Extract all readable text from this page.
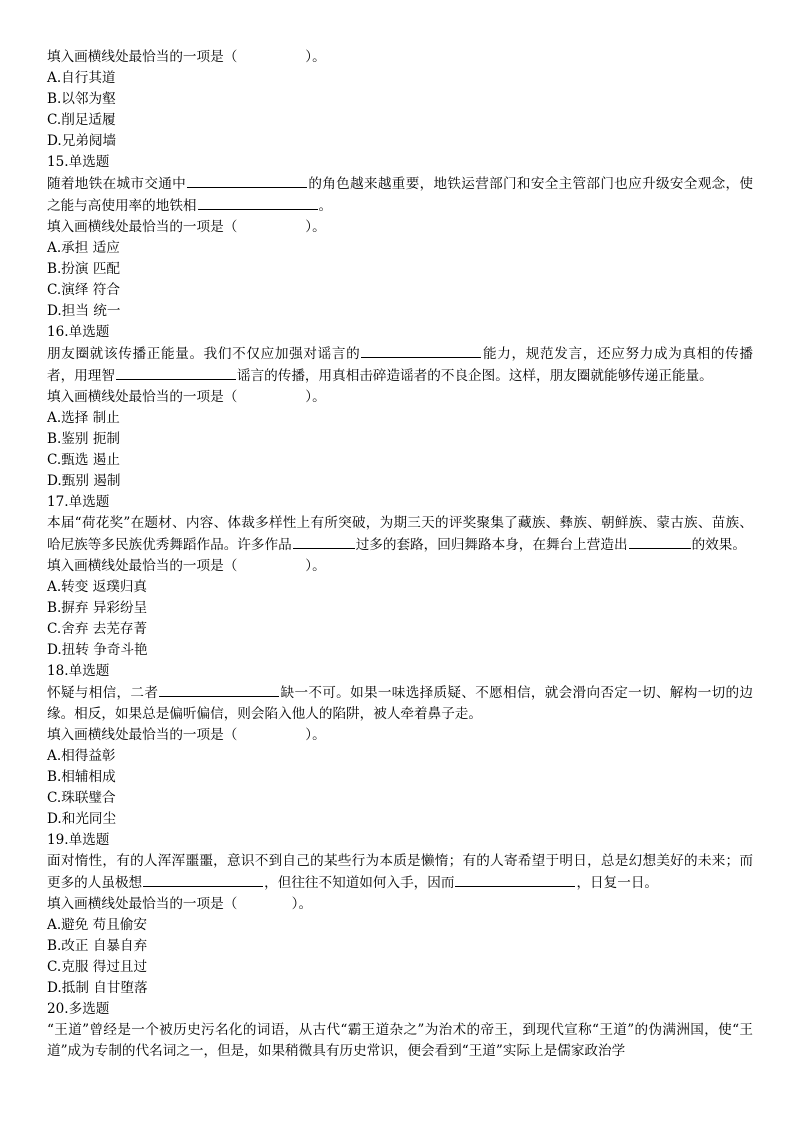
填入画横线处最恰当的一项是（　　　　　）。
A.自行其道
B.以邻为壑
C.削足适履
D.兄弟阋墙
15.单选题
随着地铁在城市交通中	的角色越来越重要，地铁运营部门和安全主管部门也应升级安全观念，使之能与高使用率的地铁相	。
填入画横线处最恰当的一项是（　　　　　）。
A.承担 适应
B.扮演 匹配
C.演绎 符合
D.担当 统一
16.单选题
朋友圈就该传播正能量。我们不仅应加强对谣言的	能力，规范发言，还应努力成为真相的传播者，用理智	谣言的传播，用真相击碎造谣者的不良企图。这样，朋友圈就能够传递正能量。
填入画横线处最恰当的一项是（　　　　　）。
A.选择 制止
B.鉴别 扼制
C.甄选 遏止
D.甄别 遏制
17.单选题
本届“荷花奖”在题材、内容、体裁多样性上有所突破，为期三天的评奖聚集了藏族、彝族、朝鲜族、蒙古族、苗族、哈尼族等多民族优秀舞蹈作品。许多作品	过多的套路，回归舞路本身，在舞台上营造出	的效果。
填入画横线处最恰当的一项是（　　　　　）。
A.转变 返璞归真
B.摒弃 异彩纷呈
C.舍弃 去芜存菁
D.扭转 争奇斗艳
18.单选题
怀疑与相信，二者	缺一不可。如果一味选择质疑、不愿相信，就会滑向否定一切、解构一切的边缘。相反，如果总是偏听偏信，则会陷入他人的陷阱，被人牵着鼻子走。
填入画横线处最恰当的一项是（　　　　　）。
A.相得益彰
B.相辅相成
C.珠联璧合
D.和光同尘
19.单选题
面对惰性，有的人浑浑噩噩，意识不到自己的某些行为本质是懒惰；有的人寄希望于明日，总是幻想美好的未来；而更多的人虽极想	，但往往不知道如何入手，因而	，日复一日。
填入画横线处最恰当的一项是（　　　　）。
A.避免 苟且偷安
B.改正 自暴自弃
C.克服 得过且过
D.抵制 自甘堕落
20.多选题
“王道”曾经是一个被历史污名化的词语，从古代“霸王道杂之”为治术的帝王，到现代宣称“王道”的伪满洲国，使“王道”成为专制的代名词之一，但是，如果稍微具有历史常识，便会看到“王道”实际上是儒家政治学
